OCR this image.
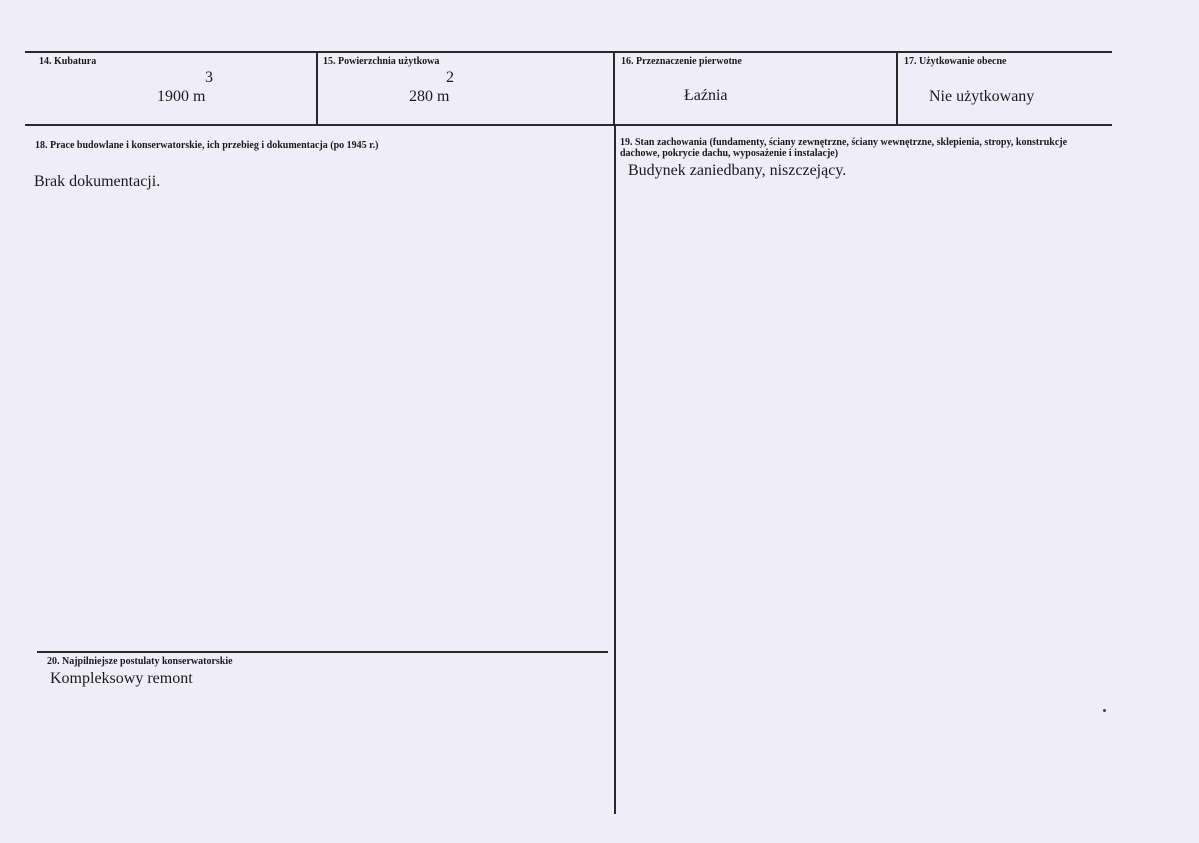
14. Kubatura
3
1900 m
15. Powierzchnia użytkowa
2
280 m
16. Przeznaczenie pierwotne
Łaźnia
17. Użytkowanie obecne
Nie użytkowany
18. Prace budowlane i konserwatorskie, ich przebieg i dokumentacja (po 1945 r.)
Brak dokumentacji.
19. Stan zachowania (fundamenty, ściany zewnętrzne, ściany wewnętrzne, sklepienia, stropy, konstrukcje
dachowe, pokrycie dachu, wyposażenie i instalacje)
Budynek zaniedbany, niszczejący.
20. Najpilniejsze postulaty konserwatorskie
Kompleksowy remont
